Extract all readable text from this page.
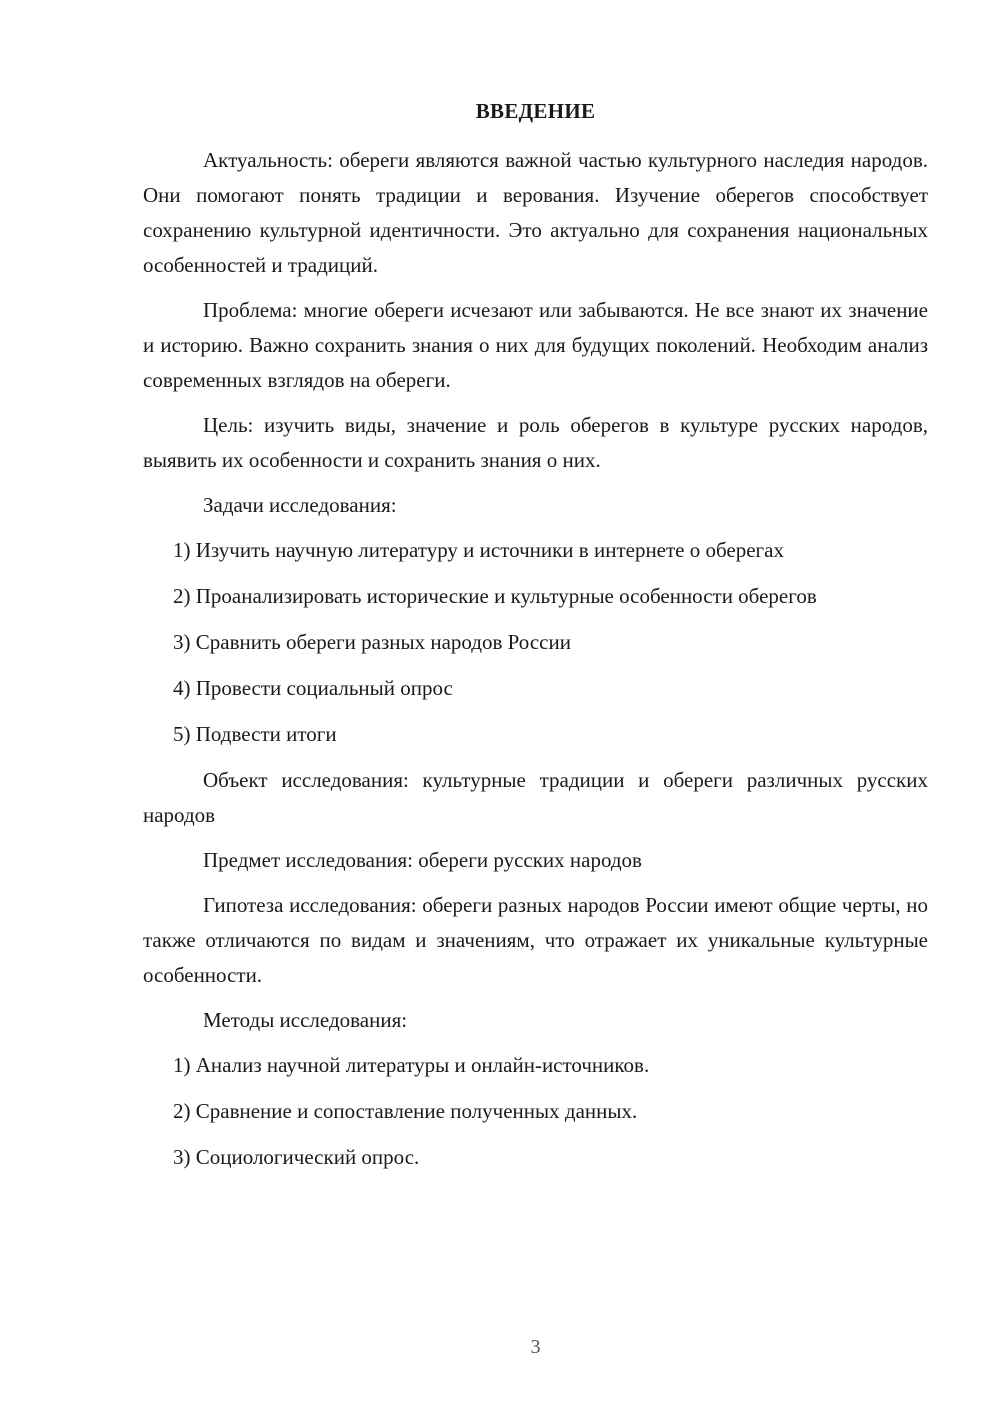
ВВЕДЕНИЕ

Актуальность: обереги являются важной частью культурного наследия народов. Они помогают понять традиции и верования. Изучение оберегов способствует сохранению культурной идентичности. Это актуально для сохранения национальных особенностей и традиций.

Проблема: многие обереги исчезают или забываются. Не все знают их значение и историю. Важно сохранить знания о них для будущих поколений. Необходим анализ современных взглядов на обереги.

Цель: изучить виды, значение и роль оберегов в культуре русских народов, выявить их особенности и сохранить знания о них.

Задачи исследования:

1) Изучить научную литературу и источники в интернете о оберегах

2) Проанализировать исторические и культурные особенности оберегов

3) Сравнить обереги разных народов России

4) Провести социальный опрос

5) Подвести итоги

Объект исследования: культурные традиции и обереги различных русских народов

Предмет исследования: обереги русских народов

Гипотеза исследования: обереги разных народов России имеют общие черты, но также отличаются по видам и значениям, что отражает их уникальные культурные особенности.

Методы исследования:

1) Анализ научной литературы и онлайн-источников.

2) Сравнение и сопоставление полученных данных.

3) Социологический опрос.

3
